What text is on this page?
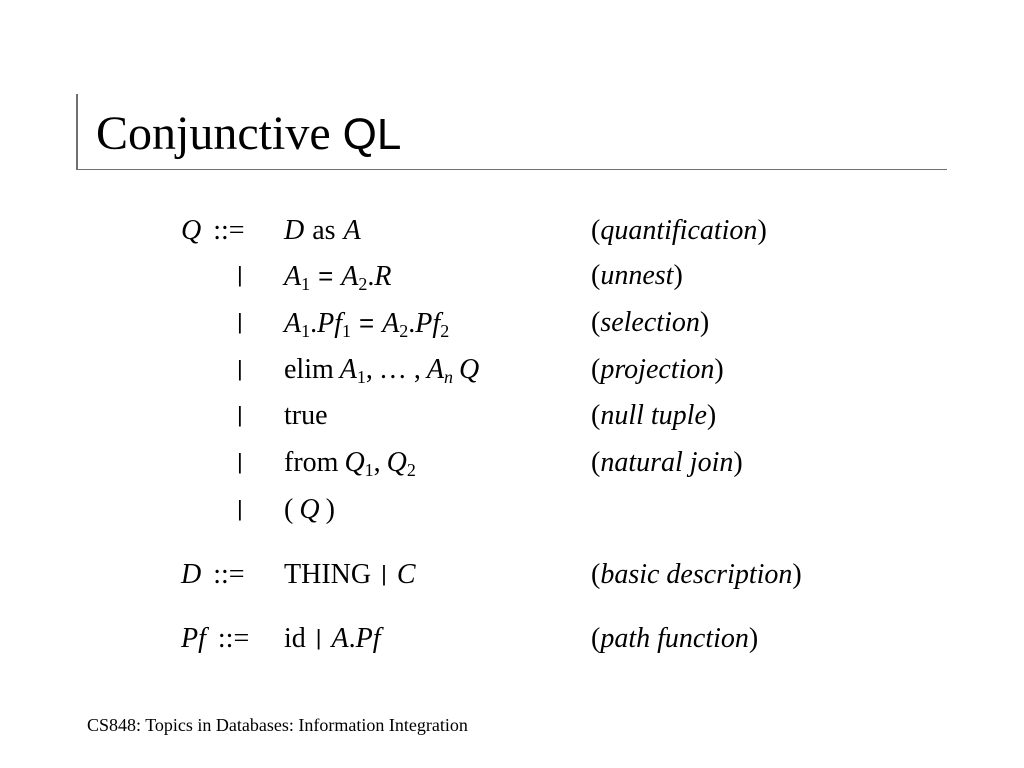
Conjunctive QL
Q ::= D as A	(quantification)
| $A_1 = A_2.R$	(unnest)
| $A_1.Pf_1 = A_2.Pf_2$	(selection)
| elim $A_1$, … , $A_n$ Q	(projection)
| true	(null tuple)
| from $Q_1$, $Q_2$	(natural join)
| ( Q )
D ::= THING | C	(basic description)
Pf ::= id | A.Pf	(path function)
CS848: Topics in Databases: Information Integration
